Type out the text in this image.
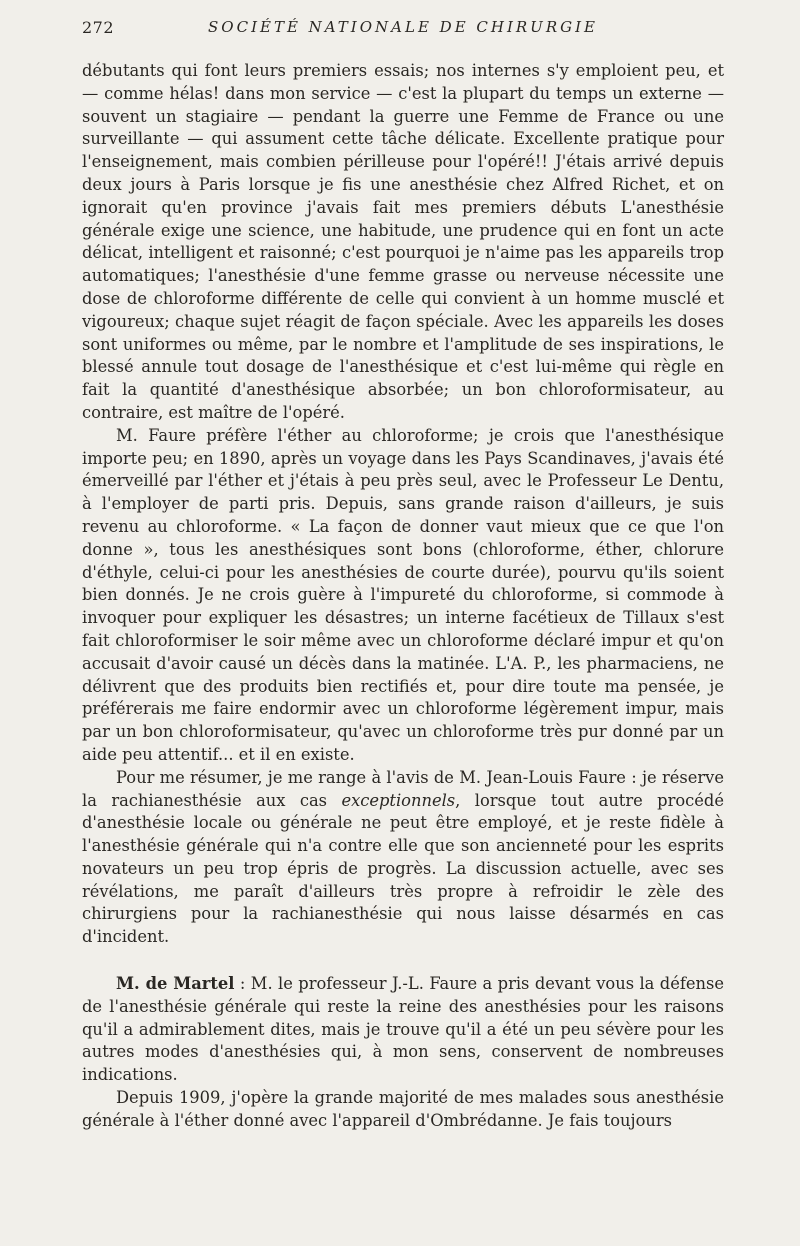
272	SOCIÉTÉ NATIONALE DE CHIRURGIE

débutants qui font leurs premiers essais; nos internes s'y emploient peu, et — comme hélas! dans mon service — c'est la plupart du temps un externe — souvent un stagiaire — pendant la guerre une Femme de France ou une surveillante — qui assument cette tâche délicate. Excellente pratique pour l'enseignement, mais combien périlleuse pour l'opéré!! J'étais arrivé depuis deux jours à Paris lorsque je fis une anesthésie chez Alfred Richet, et on ignorait qu'en province j'avais fait mes premiers débuts L'anesthésie générale exige une science, une habitude, une prudence qui en font un acte délicat, intelligent et raisonné; c'est pourquoi je n'aime pas les appareils trop automatiques; l'anesthésie d'une femme grasse ou nerveuse nécessite une dose de chloroforme différente de celle qui convient à un homme musclé et vigoureux; chaque sujet réagit de façon spéciale. Avec les appareils les doses sont uniformes ou même, par le nombre et l'amplitude de ses inspirations, le blessé annule tout dosage de l'anesthésique et c'est lui-même qui règle en fait la quantité d'anesthésique absorbée; un bon chloroformisateur, au contraire, est maître de l'opéré.

M. Faure préfère l'éther au chloroforme; je crois que l'anesthésique importe peu; en 1890, après un voyage dans les Pays Scandinaves, j'avais été émerveillé par l'éther et j'étais à peu près seul, avec le Professeur Le Dentu, à l'employer de parti pris. Depuis, sans grande raison d'ailleurs, je suis revenu au chloroforme. « La façon de donner vaut mieux que ce que l'on donne », tous les anesthésiques sont bons (chloroforme, éther, chlorure d'éthyle, celui-ci pour les anesthésies de courte durée), pourvu qu'ils soient bien donnés. Je ne crois guère à l'impureté du chloroforme, si commode à invoquer pour expliquer les désastres; un interne facétieux de Tillaux s'est fait chloroformiser le soir même avec un chloroforme déclaré impur et qu'on accusait d'avoir causé un décès dans la matinée. L'A. P., les pharmaciens, ne délivrent que des produits bien rectifiés et, pour dire toute ma pensée, je préférerais me faire endormir avec un chloroforme légèrement impur, mais par un bon chloroformisateur, qu'avec un chloroforme très pur donné par un aide peu attentif... et il en existe.

Pour me résumer, je me range à l'avis de M. Jean-Louis Faure : je réserve la rachianesthésie aux cas exceptionnels, lorsque tout autre procédé d'anesthésie locale ou générale ne peut être employé, et je reste fidèle à l'anesthésie générale qui n'a contre elle que son ancienneté pour les esprits novateurs un peu trop épris de progrès. La discussion actuelle, avec ses révélations, me paraît d'ailleurs très propre à refroidir le zèle des chirurgiens pour la rachianesthésie qui nous laisse désarmés en cas d'incident.

M. de Martel : M. le professeur J.-L. Faure a pris devant vous la défense de l'anesthésie générale qui reste la reine des anesthésies pour les raisons qu'il a admirablement dites, mais je trouve qu'il a été un peu sévère pour les autres modes d'anesthésies qui, à mon sens, conservent de nombreuses indications.

Depuis 1909, j'opère la grande majorité de mes malades sous anesthésie générale à l'éther donné avec l'appareil d'Ombrédanne. Je fais toujours
